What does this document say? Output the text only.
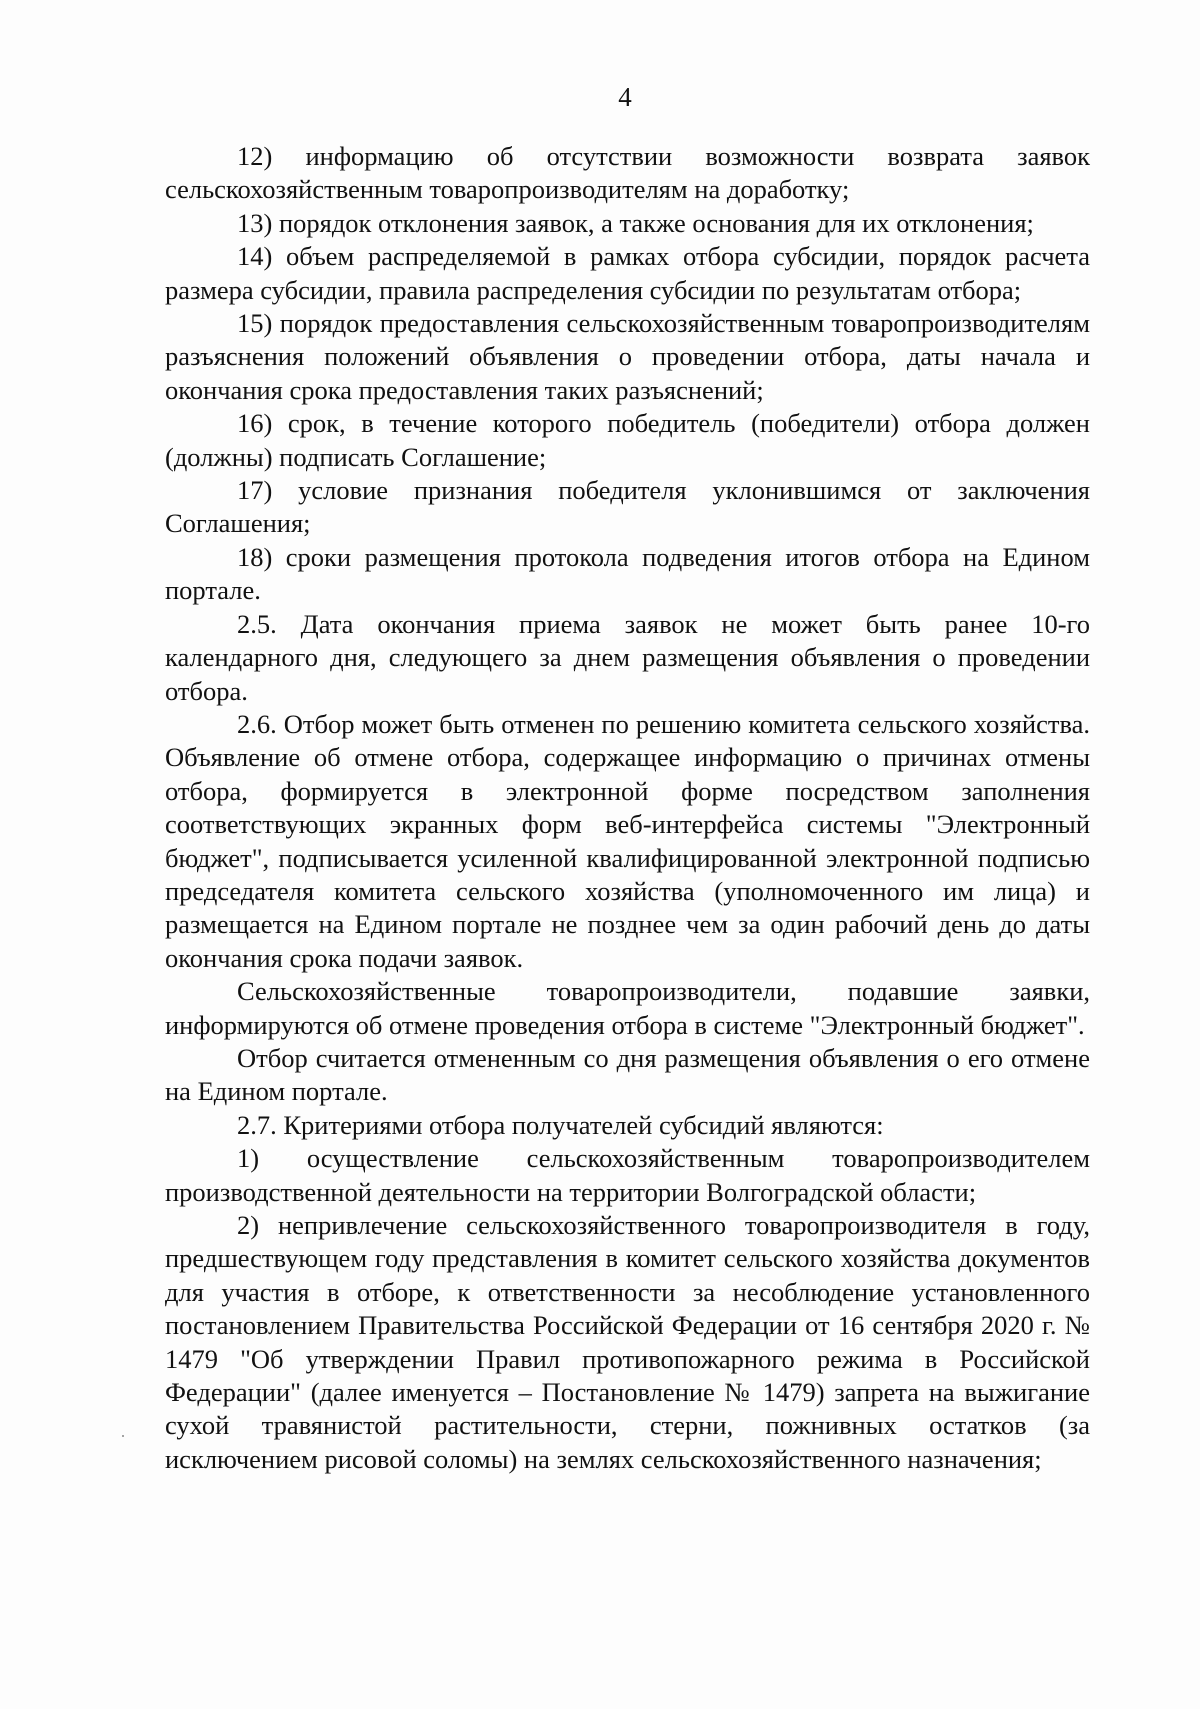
4

12) информацию об отсутствии возможности возврата заявок сельскохозяйственным товаропроизводителям на доработку;

13) порядок отклонения заявок, а также основания для их отклонения;

14) объем распределяемой в рамках отбора субсидии, порядок расчета размера субсидии, правила распределения субсидии по результатам отбора;

15) порядок предоставления сельскохозяйственным товаропроизводителям разъяснения положений объявления о проведении отбора, даты начала и окончания срока предоставления таких разъяснений;

16) срок, в течение которого победитель (победители) отбора должен (должны) подписать Соглашение;

17) условие признания победителя уклонившимся от заключения Соглашения;

18) сроки размещения протокола подведения итогов отбора на Едином портале.

2.5. Дата окончания приема заявок не может быть ранее 10-го календарного дня, следующего за днем размещения объявления о проведении отбора.

2.6. Отбор может быть отменен по решению комитета сельского хозяйства. Объявление об отмене отбора, содержащее информацию о причинах отмены отбора, формируется в электронной форме посредством заполнения соответствующих экранных форм веб-интерфейса системы "Электронный бюджет", подписывается усиленной квалифицированной электронной подписью председателя комитета сельского хозяйства (уполномоченного им лица) и размещается на Едином портале не позднее чем за один рабочий день до даты окончания срока подачи заявок.

Сельскохозяйственные товаропроизводители, подавшие заявки, информируются об отмене проведения отбора в системе "Электронный бюджет".

Отбор считается отмененным со дня размещения объявления о его отмене на Едином портале.

2.7. Критериями отбора получателей субсидий являются:

1) осуществление сельскохозяйственным товаропроизводителем производственной деятельности на территории Волгоградской области;

2) непривлечение сельскохозяйственного товаропроизводителя в году, предшествующем году представления в комитет сельского хозяйства документов для участия в отборе, к ответственности за несоблюдение установленного постановлением Правительства Российской Федерации от 16 сентября 2020 г. № 1479 "Об утверждении Правил противопожарного режима в Российской Федерации" (далее именуется – Постановление № 1479) запрета на выжигание сухой травянистой растительности, стерни, пожнивных остатков (за исключением рисовой соломы) на землях сельскохозяйственного назначения;
